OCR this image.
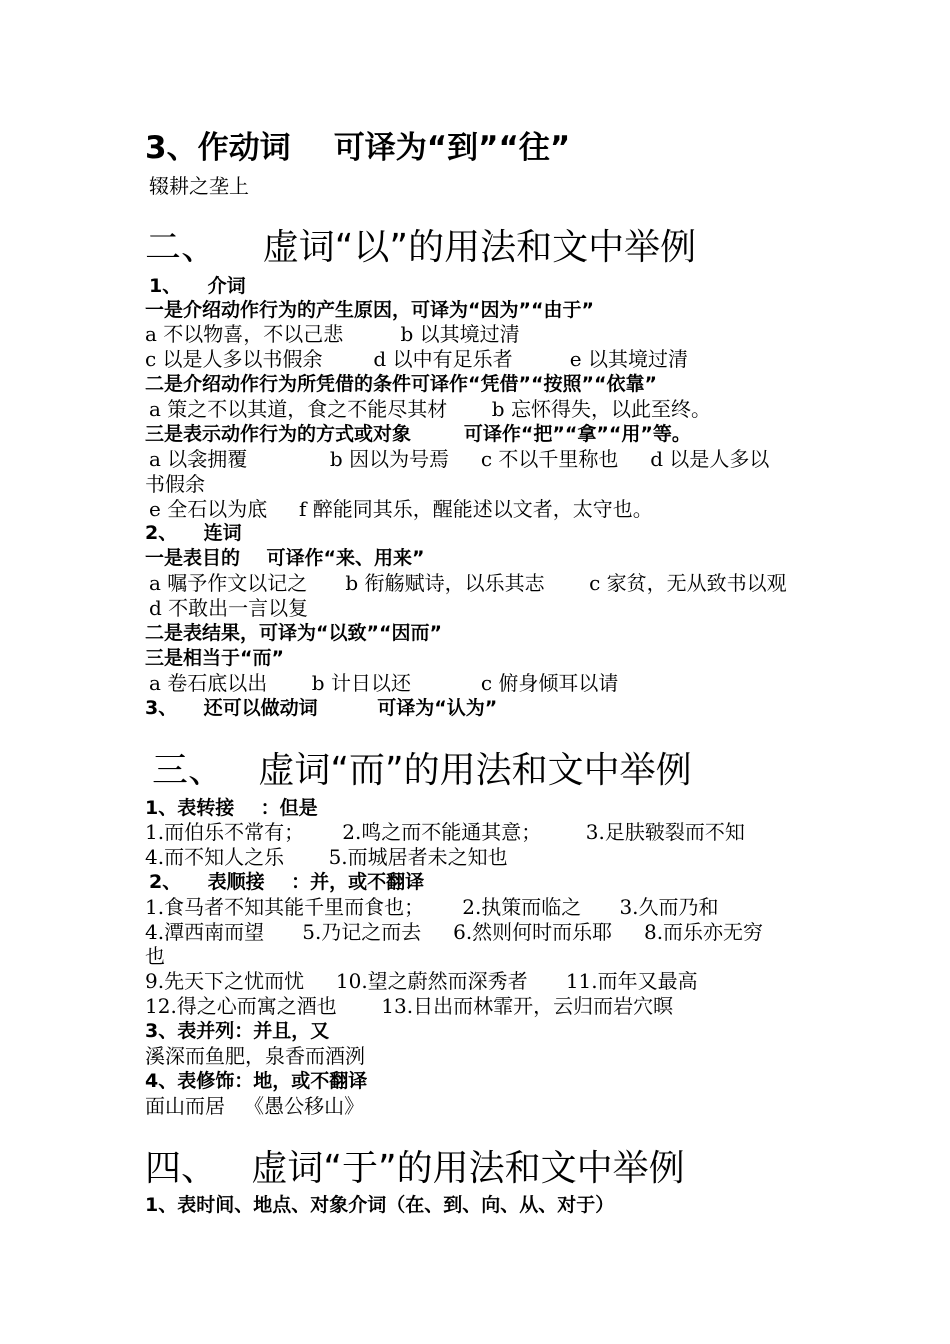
3、作动词    可译为“到”“往”
辍耕之垄上
二、    虚词“以”的用法和文中举例
1、    介词
一是介绍动作行为的产生原因，可译为“因为”“由于”
a 不以物喜，不以己悲         b 以其境过清
c 以是人多以书假余        d 以中有足乐者         e 以其境过清
二是介绍动作行为所凭借的条件可译作“凭借”“按照”“依靠”
a 策之不以其道，食之不能尽其材       b 忘怀得失，以此至终。
三是表示动作行为的方式或对象        可译作“把”“拿”“用”等。
a 以衾拥覆             b 因以为号焉     c 不以千里称也     d 以是人多以
书假余
e 全石以为底     f 醉能同其乐，醒能述以文者，太守也。
2、    连词
一是表目的    可译作“来、用来”
a 嘱予作文以记之      b 衔觞赋诗，以乐其志       c 家贫，无从致书以观
d 不敢出一言以复
二是表结果，可译为“以致”“因而”
三是相当于“而”
a 卷石底以出       b 计日以还           c 俯身倾耳以请
3、    还可以做动词         可译为“认为”
三、   虚词“而”的用法和文中举例
1、表转接    ：但是
1.而伯乐不常有；      2.鸣之而不能通其意；       3.足肤皲裂而不知
4.而不知人之乐       5.而城居者未之知也
2、    表顺接    ：并，或不翻译
1.食马者不知其能千里而食也；      2.执策而临之      3.久而乃和
4.潭西南而望      5.乃记之而去     6.然则何时而乐耶     8.而乐亦无穷
也
9.先天下之忧而忧     10.望之蔚然而深秀者      11.而年又最高
12.得之心而寓之酒也       13.日出而林霏开，云归而岩穴暝
3、表并列：并且，又
溪深而鱼肥，泉香而酒洌
4、表修饰：地，或不翻译
面山而居   《愚公移山》
四、   虚词“于”的用法和文中举例
1、表时间、地点、对象介词（在、到、向、从、对于）
